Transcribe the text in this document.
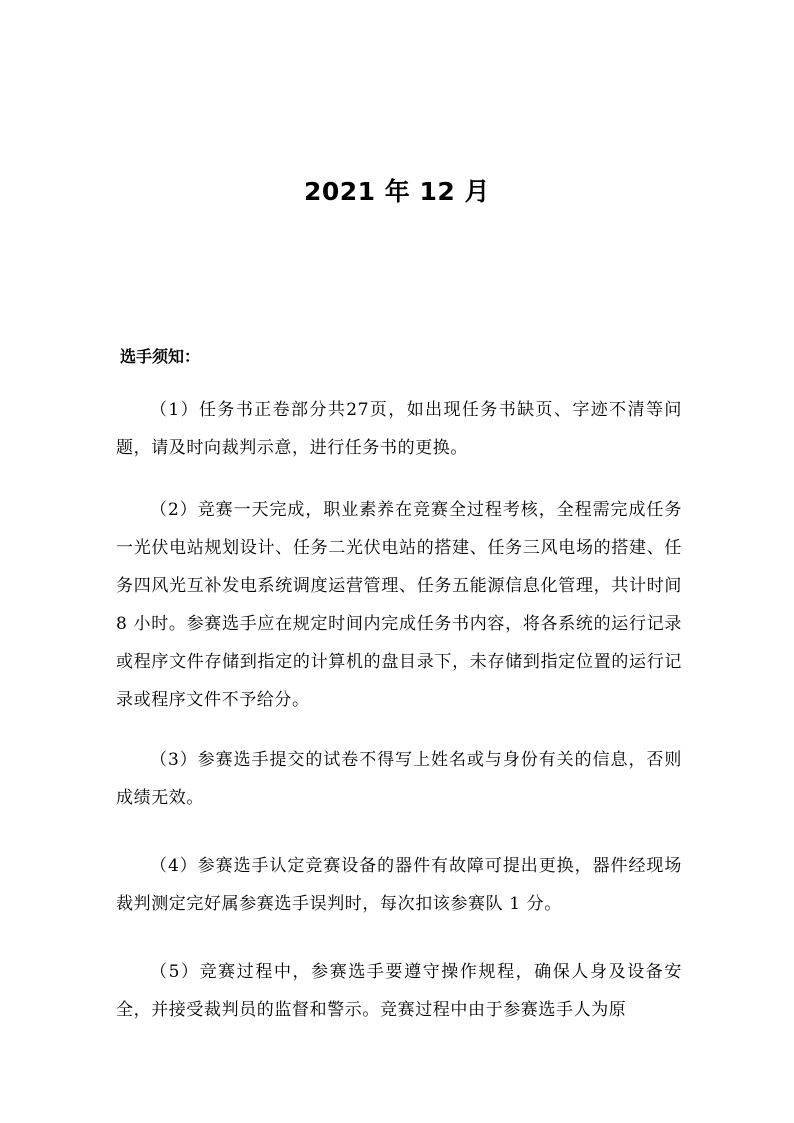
2021 年 12 月
选手须知：

（1）任务书正卷部分共27页，如出现任务书缺页、字迹不清等问题，请及时向裁判示意，进行任务书的更换。

（2）竞赛一天完成，职业素养在竞赛全过程考核，全程需完成任务一光伏电站规划设计、任务二光伏电站的搭建、任务三风电场的搭建、任务四风光互补发电系统调度运营管理、任务五能源信息化管理，共计时间 8 小时。参赛选手应在规定时间内完成任务书内容，将各系统的运行记录或程序文件存储到指定的计算机的盘目录下，未存储到指定位置的运行记录或程序文件不予给分。

（3）参赛选手提交的试卷不得写上姓名或与身份有关的信息，否则成绩无效。

（4）参赛选手认定竞赛设备的器件有故障可提出更换，器件经现场裁判测定完好属参赛选手误判时，每次扣该参赛队 1 分。

（5）竞赛过程中，参赛选手要遵守操作规程，确保人身及设备安全，并接受裁判员的监督和警示。竞赛过程中由于参赛选手人为原
